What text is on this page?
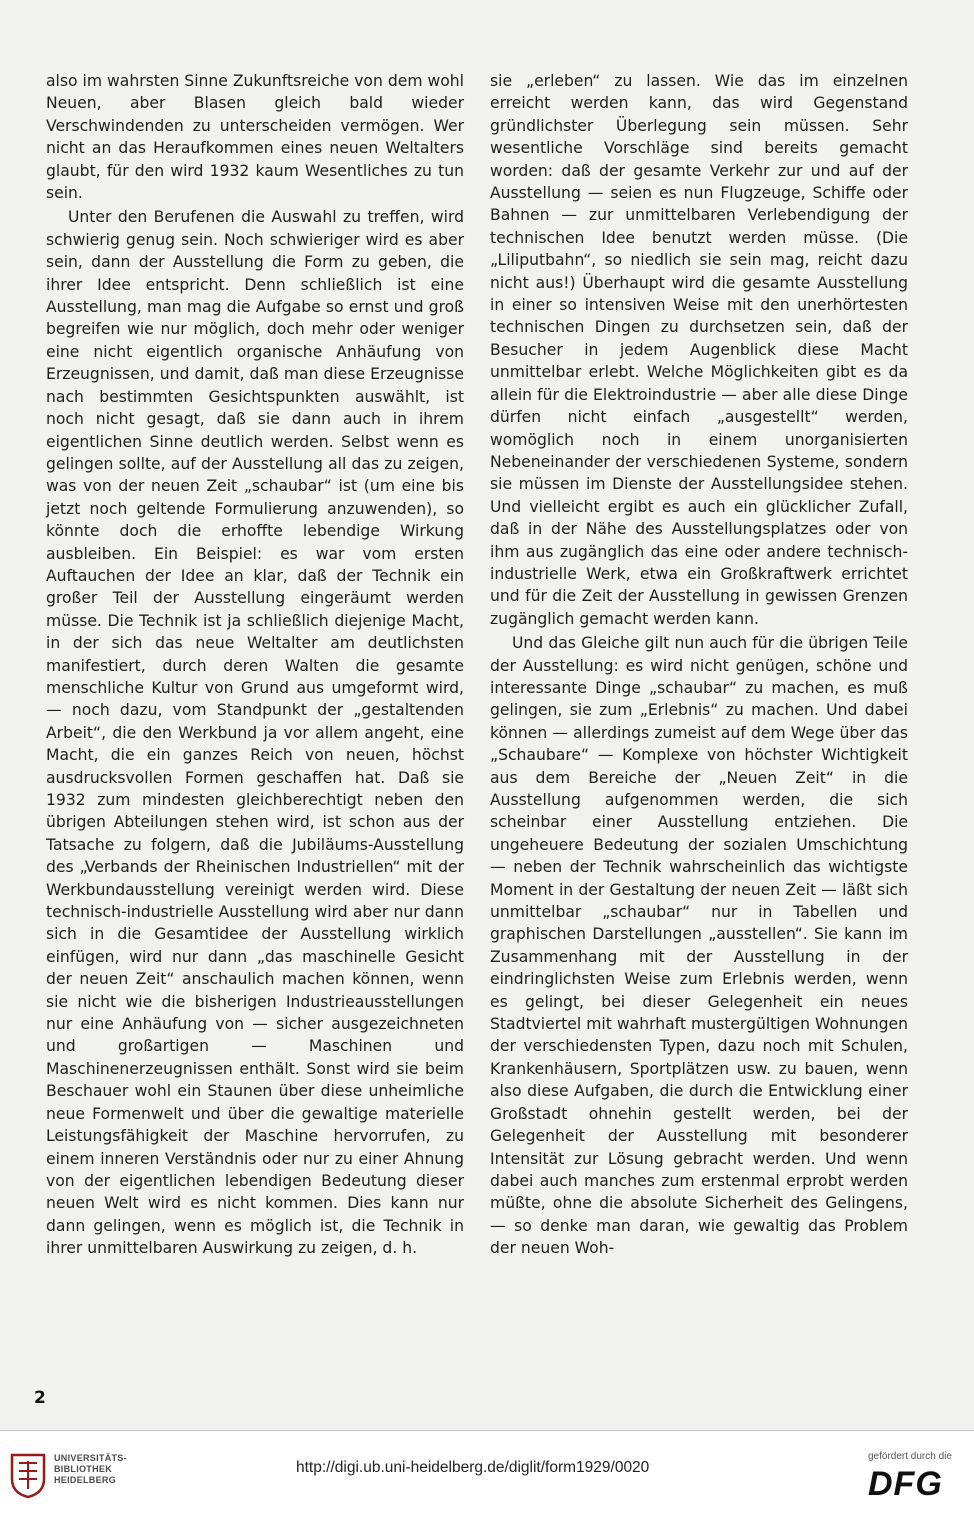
also im wahrsten Sinne Zukunftsreiche von dem wohl Neuen, aber Blasen gleich bald wieder Verschwindenden zu unterscheiden vermögen. Wer nicht an das Heraufkommen eines neuen Weltalters glaubt, für den wird 1932 kaum Wesentliches zu tun sein.

Unter den Berufenen die Auswahl zu treffen, wird schwierig genug sein. Noch schwieriger wird es aber sein, dann der Ausstellung die Form zu geben, die ihrer Idee entspricht. Denn schließlich ist eine Ausstellung, man mag die Aufgabe so ernst und groß begreifen wie nur möglich, doch mehr oder weniger eine nicht eigentlich organische Anhäufung von Erzeugnissen, und damit, daß man diese Erzeugnisse nach bestimmten Gesichtspunkten auswählt, ist noch nicht gesagt, daß sie dann auch in ihrem eigentlichen Sinne deutlich werden. Selbst wenn es gelingen sollte, auf der Ausstellung all das zu zeigen, was von der neuen Zeit „schaubar“ ist (um eine bis jetzt noch geltende Formulierung anzuwenden), so könnte doch die erhoffte lebendige Wirkung ausbleiben. Ein Beispiel: es war vom ersten Auftauchen der Idee an klar, daß der Technik ein großer Teil der Ausstellung eingeräumt werden müsse. Die Technik ist ja schließlich diejenige Macht, in der sich das neue Weltalter am deutlichsten manifestiert, durch deren Walten die gesamte menschliche Kultur von Grund aus umgeformt wird, — noch dazu, vom Standpunkt der „gestaltenden Arbeit“, die den Werkbund ja vor allem angeht, eine Macht, die ein ganzes Reich von neuen, höchst ausdrucksvollen Formen geschaffen hat. Daß sie 1932 zum mindesten gleichberechtigt neben den übrigen Abteilungen stehen wird, ist schon aus der Tatsache zu folgern, daß die Jubiläums-Ausstellung des „Verbands der Rheinischen Industriellen“ mit der Werkbundausstellung vereinigt werden wird. Diese technisch-industrielle Ausstellung wird aber nur dann sich in die Gesamtidee der Ausstellung wirklich einfügen, wird nur dann „das maschinelle Gesicht der neuen Zeit“ anschaulich machen können, wenn sie nicht wie die bisherigen Industrieausstellungen nur eine Anhäufung von — sicher ausgezeichneten und großartigen — Maschinen und Maschinenerzeugnissen enthält. Sonst wird sie beim Beschauer wohl ein Staunen über diese unheimliche neue Formenwelt und über die gewaltige materielle Leistungsfähigkeit der Maschine hervorrufen, zu einem inneren Verständnis oder nur zu einer Ahnung von der eigentlichen lebendigen Bedeutung dieser neuen Welt wird es nicht kommen. Dies kann nur dann gelingen, wenn es möglich ist, die Technik in ihrer unmittelbaren Auswirkung zu zeigen, d. h.

sie „erleben“ zu lassen. Wie das im einzelnen erreicht werden kann, das wird Gegenstand gründlichster Überlegung sein müssen. Sehr wesentliche Vorschläge sind bereits gemacht worden: daß der gesamte Verkehr zur und auf der Ausstellung — seien es nun Flugzeuge, Schiffe oder Bahnen — zur unmittelbaren Verlebendigung der technischen Idee benutzt werden müsse. (Die „Liliputbahn“, so niedlich sie sein mag, reicht dazu nicht aus!) Überhaupt wird die gesamte Ausstellung in einer so intensiven Weise mit den unerhörtesten technischen Dingen zu durchsetzen sein, daß der Besucher in jedem Augenblick diese Macht unmittelbar erlebt. Welche Möglichkeiten gibt es da allein für die Elektroindustrie — aber alle diese Dinge dürfen nicht einfach „ausgestellt“ werden, womöglich noch in einem unorganisierten Nebeneinander der verschiedenen Systeme, sondern sie müssen im Dienste der Ausstellungsidee stehen. Und vielleicht ergibt es auch ein glücklicher Zufall, daß in der Nähe des Ausstellungsplatzes oder von ihm aus zugänglich das eine oder andere technisch-industrielle Werk, etwa ein Großkraftwerk errichtet und für die Zeit der Ausstellung in gewissen Grenzen zugänglich gemacht werden kann.

Und das Gleiche gilt nun auch für die übrigen Teile der Ausstellung: es wird nicht genügen, schöne und interessante Dinge „schaubar“ zu machen, es muß gelingen, sie zum „Erlebnis“ zu machen. Und dabei können — allerdings zumeist auf dem Wege über das „Schaubare“ — Komplexe von höchster Wichtigkeit aus dem Bereiche der „Neuen Zeit“ in die Ausstellung aufgenommen werden, die sich scheinbar einer Ausstellung entziehen. Die ungeheuere Bedeutung der sozialen Umschichtung — neben der Technik wahrscheinlich das wichtigste Moment in der Gestaltung der neuen Zeit — läßt sich unmittelbar „schaubar“ nur in Tabellen und graphischen Darstellungen „ausstellen“. Sie kann im Zusammenhang mit der Ausstellung in der eindringlichsten Weise zum Erlebnis werden, wenn es gelingt, bei dieser Gelegenheit ein neues Stadtviertel mit wahrhaft mustergültigen Wohnungen der verschiedensten Typen, dazu noch mit Schulen, Krankenhäusern, Sportplätzen usw. zu bauen, wenn also diese Aufgaben, die durch die Entwicklung einer Großstadt ohnehin gestellt werden, bei der Gelegenheit der Ausstellung mit besonderer Intensität zur Lösung gebracht werden. Und wenn dabei auch manches zum erstenmal erprobt werden müßte, ohne die absolute Sicherheit des Gelingens, — so denke man daran, wie gewaltig das Problem der neuen Woh-

2
UNIVERSITÄTS-
BIBLIOTHEK
HEIDELBERG
http://digi.ub.uni-heidelberg.de/diglit/form1929/0020
gefördert durch die
DFG
